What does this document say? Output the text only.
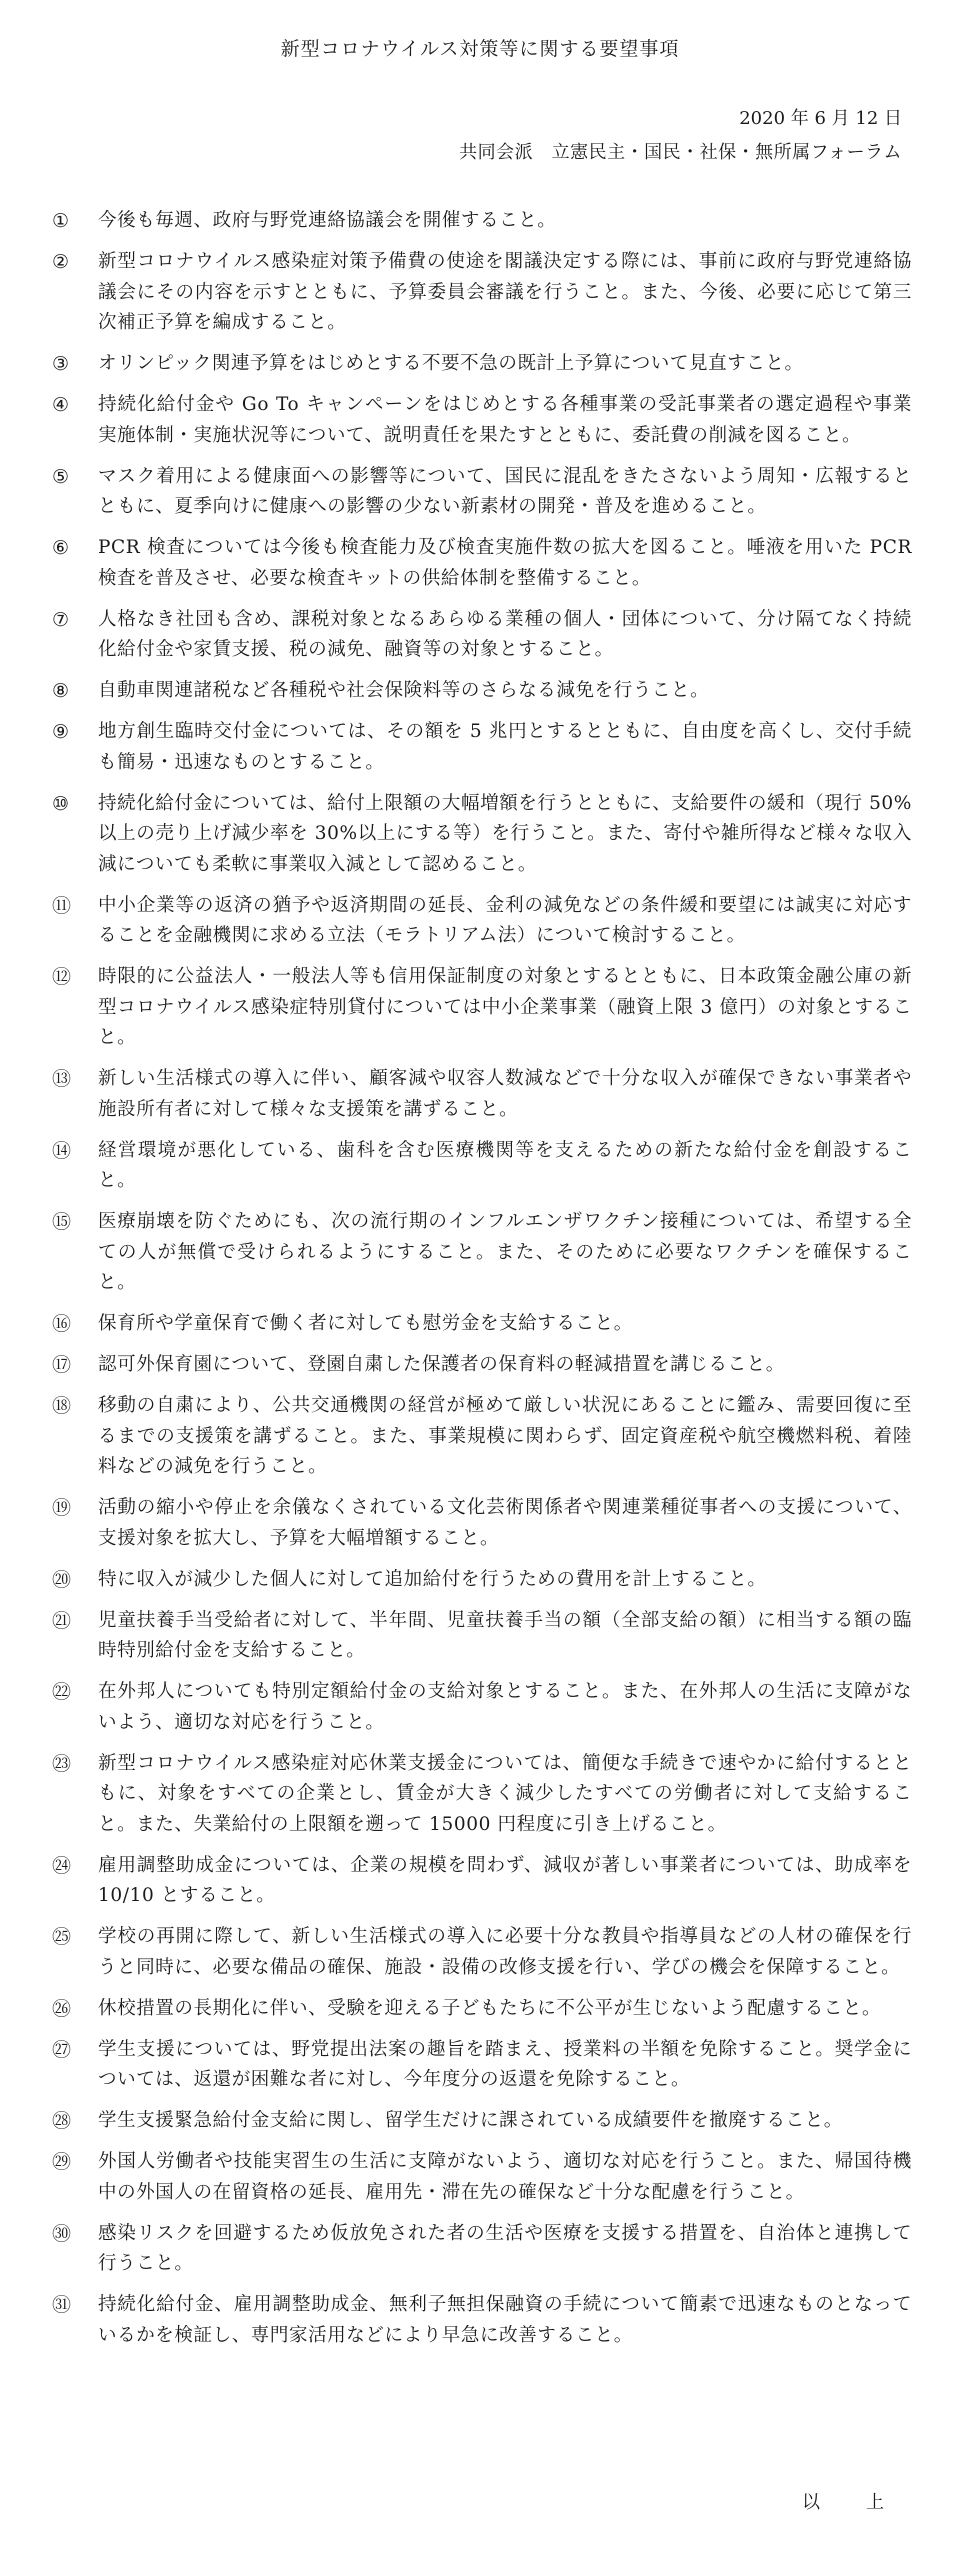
新型コロナウイルス対策等に関する要望事項
2020 年 6 月 12 日
共同会派　立憲民主・国民・社保・無所属フォーラム
①	今後も毎週、政府与野党連絡協議会を開催すること。
②	新型コロナウイルス感染症対策予備費の使途を閣議決定する際には、事前に政府与野党連絡協議会にその内容を示すとともに、予算委員会審議を行うこと。また、今後、必要に応じて第三次補正予算を編成すること。
③	オリンピック関連予算をはじめとする不要不急の既計上予算について見直すこと。
④	持続化給付金や Go To キャンペーンをはじめとする各種事業の受託事業者の選定過程や事業実施体制・実施状況等について、説明責任を果たすとともに、委託費の削減を図ること。
⑤	マスク着用による健康面への影響等について、国民に混乱をきたさないよう周知・広報するとともに、夏季向けに健康への影響の少ない新素材の開発・普及を進めること。
⑥	PCR 検査については今後も検査能力及び検査実施件数の拡大を図ること。唾液を用いた PCR 検査を普及させ、必要な検査キットの供給体制を整備すること。
⑦	人格なき社団も含め、課税対象となるあらゆる業種の個人・団体について、分け隔てなく持続化給付金や家賃支援、税の減免、融資等の対象とすること。
⑧	自動車関連諸税など各種税や社会保険料等のさらなる減免を行うこと。
⑨	地方創生臨時交付金については、その額を 5 兆円とするとともに、自由度を高くし、交付手続も簡易・迅速なものとすること。
⑩	持続化給付金については、給付上限額の大幅増額を行うとともに、支給要件の緩和（現行 50%以上の売り上げ減少率を 30%以上にする等）を行うこと。また、寄付や雑所得など様々な収入減についても柔軟に事業収入減として認めること。
⑪	中小企業等の返済の猶予や返済期間の延長、金利の減免などの条件緩和要望には誠実に対応することを金融機関に求める立法（モラトリアム法）について検討すること。
⑫	時限的に公益法人・一般法人等も信用保証制度の対象とするとともに、日本政策金融公庫の新型コロナウイルス感染症特別貸付については中小企業事業（融資上限 3 億円）の対象とすること。
⑬	新しい生活様式の導入に伴い、顧客減や収容人数減などで十分な収入が確保できない事業者や施設所有者に対して様々な支援策を講ずること。
⑭	経営環境が悪化している、歯科を含む医療機関等を支えるための新たな給付金を創設すること。
⑮	医療崩壊を防ぐためにも、次の流行期のインフルエンザワクチン接種については、希望する全ての人が無償で受けられるようにすること。また、そのために必要なワクチンを確保すること。
⑯	保育所や学童保育で働く者に対しても慰労金を支給すること。
⑰	認可外保育園について、登園自粛した保護者の保育料の軽減措置を講じること。
⑱	移動の自粛により、公共交通機関の経営が極めて厳しい状況にあることに鑑み、需要回復に至るまでの支援策を講ずること。また、事業規模に関わらず、固定資産税や航空機燃料税、着陸料などの減免を行うこと。
⑲	活動の縮小や停止を余儀なくされている文化芸術関係者や関連業種従事者への支援について、支援対象を拡大し、予算を大幅増額すること。
⑳	特に収入が減少した個人に対して追加給付を行うための費用を計上すること。
㉑	児童扶養手当受給者に対して、半年間、児童扶養手当の額（全部支給の額）に相当する額の臨時特別給付金を支給すること。
㉒	在外邦人についても特別定額給付金の支給対象とすること。また、在外邦人の生活に支障がないよう、適切な対応を行うこと。
㉓	新型コロナウイルス感染症対応休業支援金については、簡便な手続きで速やかに給付するとともに、対象をすべての企業とし、賃金が大きく減少したすべての労働者に対して支給すること。また、失業給付の上限額を遡って 15000 円程度に引き上げること。
㉔	雇用調整助成金については、企業の規模を問わず、減収が著しい事業者については、助成率を 10/10 とすること。
㉕	学校の再開に際して、新しい生活様式の導入に必要十分な教員や指導員などの人材の確保を行うと同時に、必要な備品の確保、施設・設備の改修支援を行い、学びの機会を保障すること。
㉖	休校措置の長期化に伴い、受験を迎える子どもたちに不公平が生じないよう配慮すること。
㉗	学生支援については、野党提出法案の趣旨を踏まえ、授業料の半額を免除すること。奨学金については、返還が困難な者に対し、今年度分の返還を免除すること。
㉘	学生支援緊急給付金支給に関し、留学生だけに課されている成績要件を撤廃すること。
㉙	外国人労働者や技能実習生の生活に支障がないよう、適切な対応を行うこと。また、帰国待機中の外国人の在留資格の延長、雇用先・滞在先の確保など十分な配慮を行うこと。
㉚	感染リスクを回避するため仮放免された者の生活や医療を支援する措置を、自治体と連携して行うこと。
㉛	持続化給付金、雇用調整助成金、無利子無担保融資の手続について簡素で迅速なものとなっているかを検証し、専門家活用などにより早急に改善すること。
以　上
